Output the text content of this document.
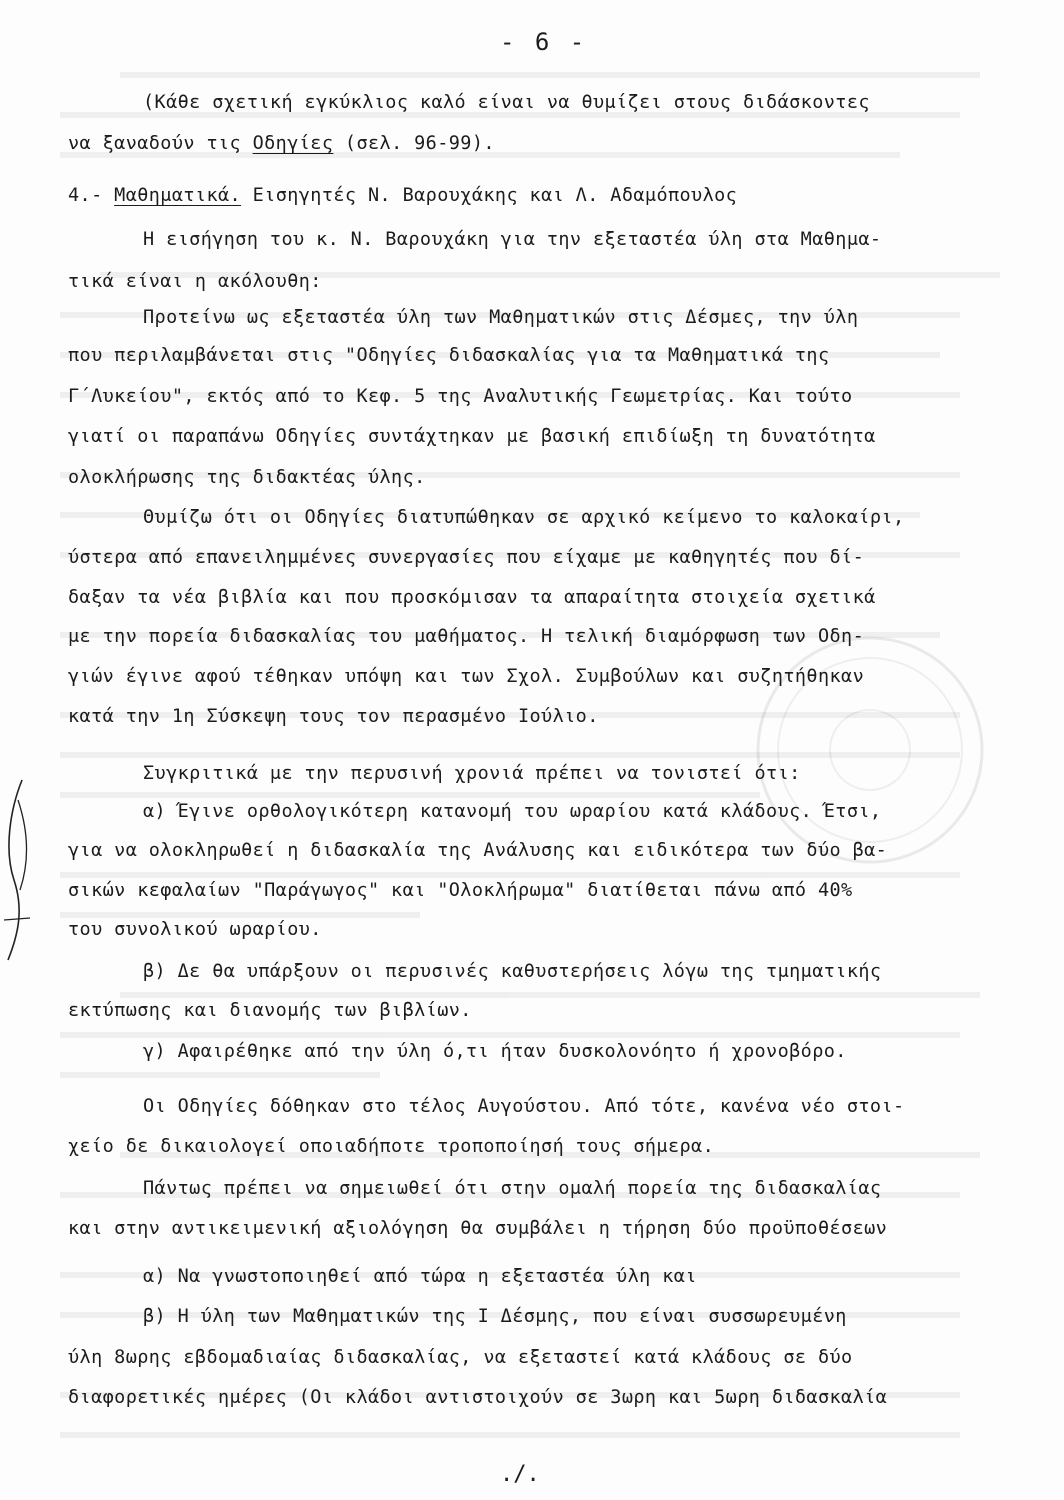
- 6 -
(Κάθε σχετική εγκύκλιος καλό είναι να θυμίζει στους διδάσκοντες
να ξαναδούν τις Οδηγίες (σελ. 96-99).
4.- Μαθηματικά. Εισηγητές Ν. Βαρουχάκης και Λ. Αδαμόπουλος
Η εισήγηση του κ. Ν. Βαρουχάκη για την εξεταστέα ύλη στα Μαθημα-
τικά είναι η ακόλουθη:
Προτείνω ως εξεταστέα ύλη των Μαθηματικών στις Δέσμες, την ύλη
που περιλαμβάνεται στις "Οδηγίες διδασκαλίας για τα Μαθηματικά της
Γ΄Λυκείου", εκτός από το Κεφ. 5 της Αναλυτικής Γεωμετρίας. Και τούτο
γιατί οι παραπάνω Οδηγίες συντάχτηκαν με βασική επιδίωξη τη δυνατότητα
ολοκλήρωσης της διδακτέας ύλης.
Θυμίζω ότι οι Οδηγίες διατυπώθηκαν σε αρχικό κείμενο το καλοκαίρι,
ύστερα από επανειλημμένες συνεργασίες που είχαμε με καθηγητές που δί-
δαξαν τα νέα βιβλία και που προσκόμισαν τα απαραίτητα στοιχεία σχετικά
με την πορεία διδασκαλίας του μαθήματος. Η τελική διαμόρφωση των Οδη-
γιών έγινε αφού τέθηκαν υπόψη και των Σχολ. Συμβούλων και συζητήθηκαν
κατά την 1η Σύσκεψη τους τον περασμένο Ιούλιο.
Συγκριτικά με την περυσινή χρονιά πρέπει να τονιστεί ότι:
α) Έγινε ορθολογικότερη κατανομή του ωραρίου κατά κλάδους. Έτσι,
για να ολοκληρωθεί η διδασκαλία της Ανάλυσης και ειδικότερα των δύο βα-
σικών κεφαλαίων "Παράγωγος" και "Ολοκλήρωμα" διατίθεται πάνω από 40%
του συνολικού ωραρίου.
β) Δε θα υπάρξουν οι περυσινές καθυστερήσεις λόγω της τμηματικής
εκτύπωσης και διανομής των βιβλίων.
γ) Αφαιρέθηκε από την ύλη ό,τι ήταν δυσκολονόητο ή χρονοβόρο.
Οι Οδηγίες δόθηκαν στο τέλος Αυγούστου. Από τότε, κανένα νέο στοι-
χείο δε δικαιολογεί οποιαδήποτε τροποποίησή τους σήμερα.
Πάντως πρέπει να σημειωθεί ότι στην ομαλή πορεία της διδασκαλίας
και στην αντικειμενική αξιολόγηση θα συμβάλει η τήρηση δύο προϋποθέσεων
α) Να γνωστοποιηθεί από τώρα η εξεταστέα ύλη και
β) Η ύλη των Μαθηματικών της Ι Δέσμης, που είναι συσσωρευμένη
ύλη 8ωρης εβδομαδιαίας διδασκαλίας, να εξεταστεί κατά κλάδους σε δύο
διαφορετικές ημέρες (Οι κλάδοι αντιστοιχούν σε 3ωρη και 5ωρη διδασκαλία
./.
